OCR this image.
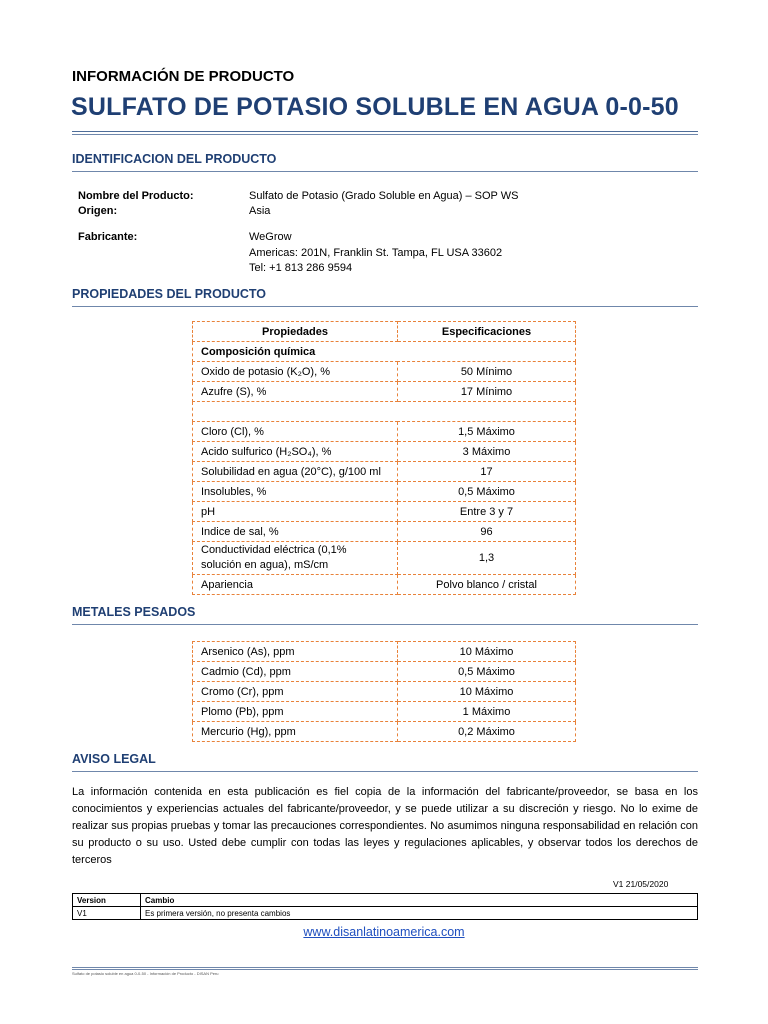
INFORMACIÓN DE PRODUCTO
SULFATO DE POTASIO SOLUBLE EN AGUA 0-0-50
IDENTIFICACION DEL PRODUCTO
Nombre del Producto:	Sulfato de Potasio (Grado Soluble en Agua) – SOP WS
Origen:	Asia
Fabricante:	WeGrow
Americas: 201N, Franklin St. Tampa, FL USA 33602
Tel: +1 813 286 9594
PROPIEDADES DEL PRODUCTO
Propiedades	Especificaciones
Composición química	
Oxido de potasio (K₂O), %	50 Mínimo
Azufre (S), %	17 Mínimo

Cloro (Cl), %	1,5 Máximo
Acido sulfurico (H₂SO₄), %	3 Máximo
Solubilidad en agua (20°C), g/100 ml	17
Insolubles, %	0,5 Máximo
pH	Entre 3 y 7
Indice de sal, %	96

Conductividad eléctrica (0,1%
solución en agua), mS/cm	1,3
Apariencia	Polvo blanco / cristal
METALES PESADOS
Arsenico (As), ppm	10 Máximo
Cadmio (Cd), ppm	0,5 Máximo
Cromo (Cr), ppm	10 Máximo
Plomo (Pb), ppm	1 Máximo
Mercurio (Hg), ppm	0,2 Máximo
AVISO LEGAL
La información contenida en esta publicación es fiel copia de la información del fabricante/proveedor, se basa en los conocimientos y experiencias actuales del fabricante/proveedor, y se puede utilizar a su discreción y riesgo. No lo exime de realizar sus propias pruebas y tomar las precauciones correspondientes. No asumimos ninguna responsabilidad en relación con su producto o su uso. Usted debe cumplir con todas las leyes y regulaciones aplicables, y observar todos los derechos de terceros
V1 21/05/2020
Version	Cambio
V1	Es primera versión, no presenta cambios
www.disanlatinoamerica.com
Sulfato de potasio soluble en agua 0-0-50 - Información de Producto - DISAN Peru
